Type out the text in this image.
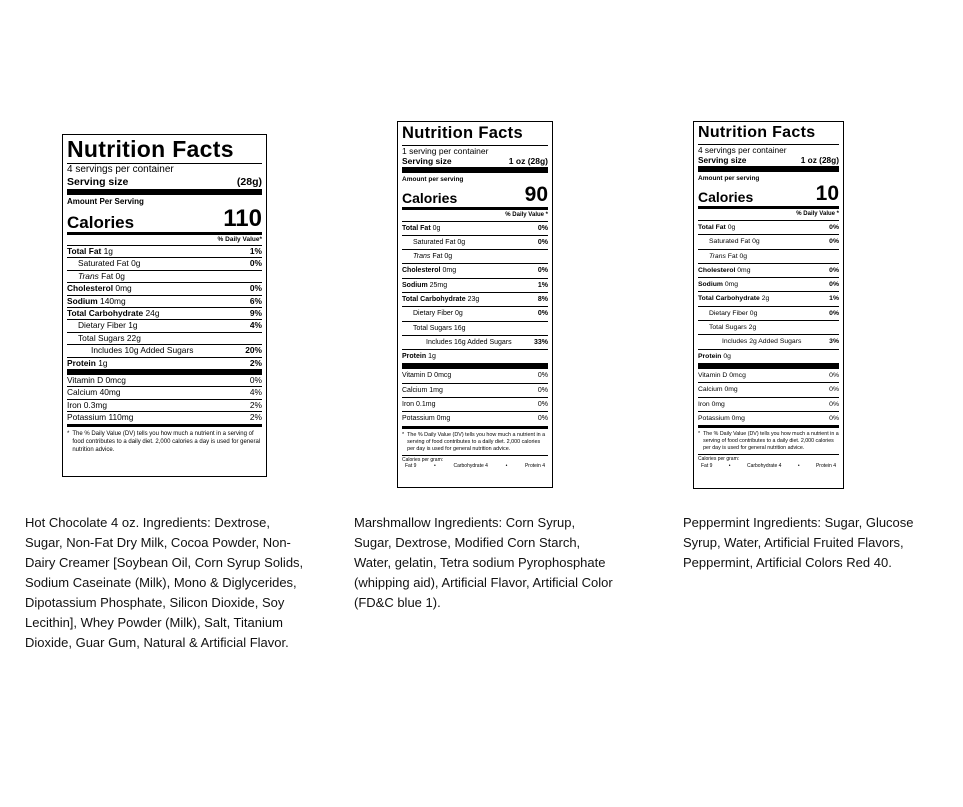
Nutrition Facts
4 servings per container
Serving size	(28g)
Amount Per Serving
Calories	110
% Daily Value*
Total Fat 1g	1%
Saturated Fat 0g	0%
Trans Fat 0g
Cholesterol 0mg	0%
Sodium 140mg	6%
Total Carbohydrate 24g	9%
Dietary Fiber 1g	4%
Total Sugars 22g
Includes 10g Added Sugars	20%
Protein 1g	2%
Vitamin D 0mcg	0%
Calcium 40mg	4%
Iron 0.3mg	2%
Potassium 110mg	2%
* The % Daily Value (DV) tells you how much a nutrient in a serving of food contributes to a daily diet. 2,000 calories a day is used for general nutrition advice.
Nutrition Facts
1 serving per container
Serving size	1 oz (28g)
Amount per serving
Calories	90
% Daily Value *
Total Fat 0g	0%
Saturated Fat 0g	0%
Trans Fat 0g
Cholesterol 0mg	0%
Sodium 25mg	1%
Total Carbohydrate 23g	8%
Dietary Fiber 0g	0%
Total Sugars 16g
Includes 16g Added Sugars	33%
Protein 1g
Vitamin D 0mcg	0%
Calcium 1mg	0%
Iron 0.1mg	0%
Potassium 0mg	0%
* The % Daily Value (DV) tells you how much a nutrient in a serving of food contributes to a daily diet. 2,000 calories per day is used for general nutrition advice.
Calories per gram:
Fat 9	•	Carbohydrate 4	•	Protein 4
Nutrition Facts
4 servings per container
Serving size	1 oz (28g)
Amount per serving
Calories	10
% Daily Value *
Total Fat 0g	0%
Saturated Fat 0g	0%
Trans Fat 0g
Cholesterol 0mg	0%
Sodium 0mg	0%
Total Carbohydrate 2g	1%
Dietary Fiber 0g	0%
Total Sugars 2g
Includes 2g Added Sugars	3%
Protein 0g
Vitamin D 0mcg	0%
Calcium 0mg	0%
Iron 0mg	0%
Potassium 0mg	0%
* The % Daily Value (DV) tells you how much a nutrient in a serving of food contributes to a daily diet. 2,000 calories per day is used for general nutrition advice.
Calories per gram:
Fat 9	•	Carbohydrate 4	•	Protein 4
Hot Chocolate 4 oz. Ingredients: Dextrose, Sugar, Non-Fat Dry Milk, Cocoa Powder, Non-Dairy Creamer [Soybean Oil, Corn Syrup Solids, Sodium Caseinate (Milk), Mono & Diglycerides, Dipotassium Phosphate, Silicon Dioxide, Soy Lecithin], Whey Powder (Milk), Salt, Titanium Dioxide, Guar Gum, Natural & Artificial Flavor.
Marshmallow Ingredients: Corn Syrup, Sugar, Dextrose, Modified Corn Starch, Water, gelatin, Tetra sodium Pyrophosphate (whipping aid), Artificial Flavor, Artificial Color (FD&C blue 1).
Peppermint Ingredients: Sugar, Glucose Syrup, Water, Artificial Fruited Flavors, Peppermint, Artificial Colors Red 40.
